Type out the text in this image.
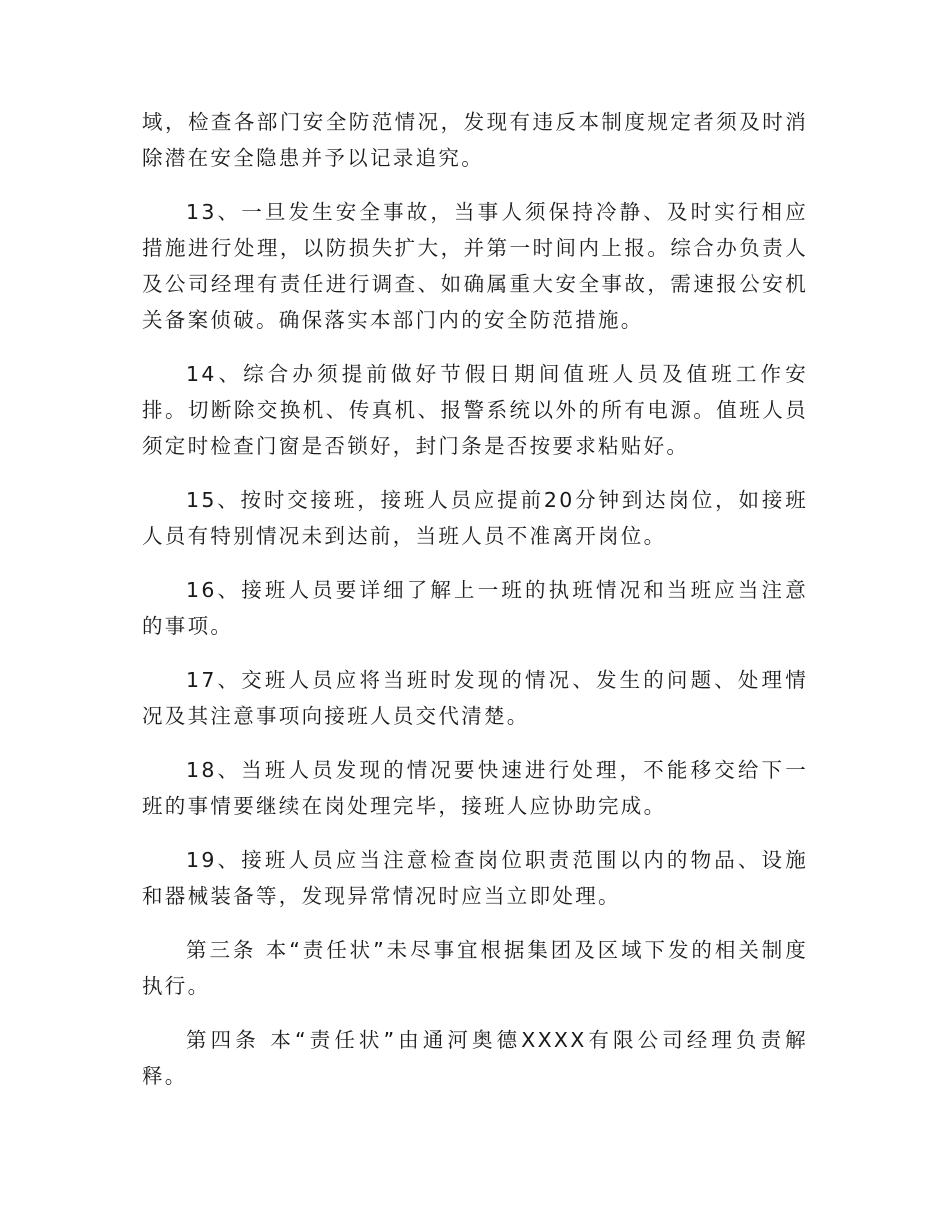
域，检查各部门安全防范情况，发现有违反本制度规定者须及时消除潜在安全隐患并予以记录追究。

13、一旦发生安全事故，当事人须保持冷静、及时实行相应措施进行处理，以防损失扩大，并第一时间内上报。综合办负责人及公司经理有责任进行调查、如确属重大安全事故，需速报公安机关备案侦破。确保落实本部门内的安全防范措施。

14、综合办须提前做好节假日期间值班人员及值班工作安排。切断除交换机、传真机、报警系统以外的所有电源。值班人员须定时检查门窗是否锁好，封门条是否按要求粘贴好。

15、按时交接班，接班人员应提前20分钟到达岗位，如接班人员有特别情况未到达前，当班人员不准离开岗位。

16、接班人员要详细了解上一班的执班情况和当班应当注意的事项。

17、交班人员应将当班时发现的情况、发生的问题、处理情况及其注意事项向接班人员交代清楚。

18、当班人员发现的情况要快速进行处理，不能移交给下一班的事情要继续在岗处理完毕，接班人应协助完成。

19、接班人员应当注意检查岗位职责范围以内的物品、设施和器械装备等，发现异常情况时应当立即处理。

第三条 本“责任状”未尽事宜根据集团及区域下发的相关制度执行。

第四条 本“责任状”由通河奥德XXXX有限公司经理负责解释。
